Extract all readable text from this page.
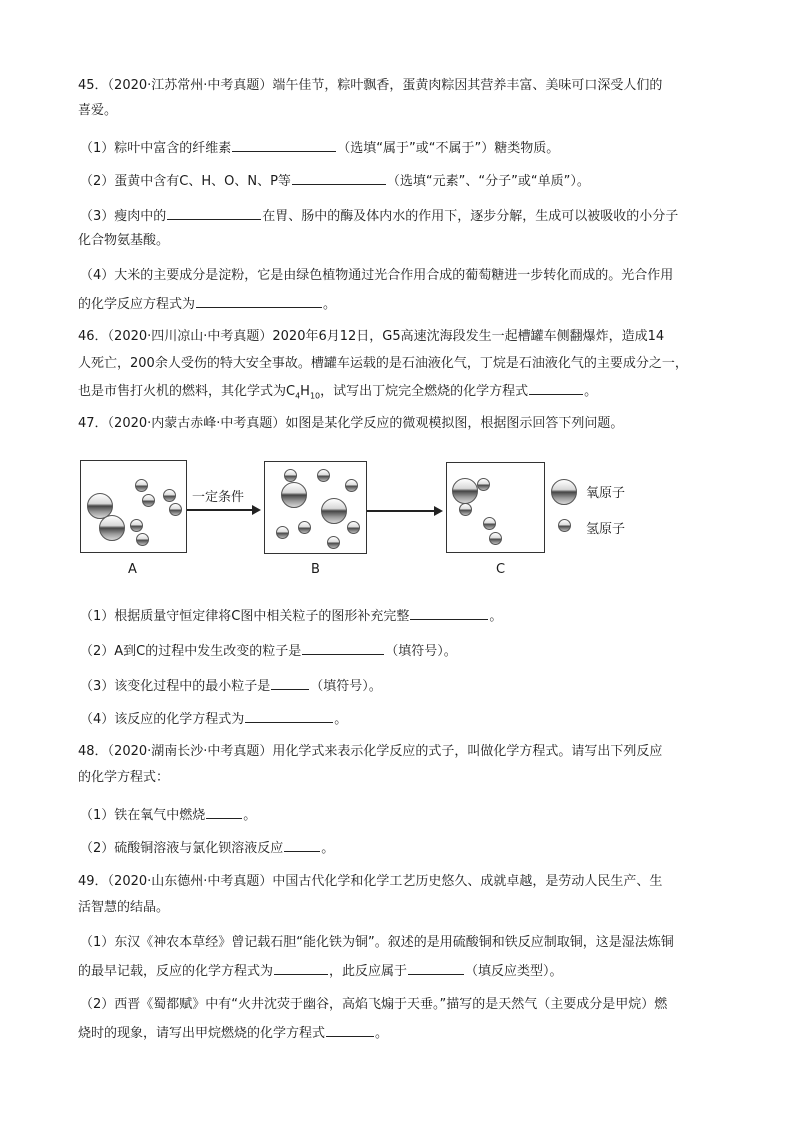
45．（2020·江苏常州·中考真题）端午佳节，粽叶飘香，蛋黄肉粽因其营养丰富、美味可口深受人们的
喜爱。
（1）粽叶中富含的纤维素	（选填“属于”或“不属于”）糖类物质。
（2）蛋黄中含有C、H、O、N、P等	（选填“元素”、“分子”或“单质”）。
（3）瘦肉中的	在胃、肠中的酶及体内水的作用下，逐步分解，生成可以被吸收的小分子
化合物氨基酸。
（4）大米的主要成分是淀粉，它是由绿色植物通过光合作用合成的葡萄糖进一步转化而成的。光合作用
的化学反应方程式为	。
46．（2020·四川凉山·中考真题）2020年6月12日，G5高速沈海段发生一起槽罐车侧翻爆炸，造成14
人死亡，200余人受伤的特大安全事故。槽罐车运载的是石油液化气，丁烷是石油液化气的主要成分之一，
也是市售打火机的燃料，其化学式为$C_4H_{10}$，试写出丁烷完全燃烧的化学方程式	。
47．（2020·内蒙古赤峰·中考真题）如图是某化学反应的微观模拟图，根据图示回答下列问题。
一定条件	氧原子
氢原子
A	B	C
（1）根据质量守恒定律将C图中相关粒子的图形补充完整	。
（2）A到C的过程中发生改变的粒子是	（填符号）。
（3）该变化过程中的最小粒子是	（填符号）。
（4）该反应的化学方程式为	。
48．（2020·湖南长沙·中考真题）用化学式来表示化学反应的式子，叫做化学方程式。请写出下列反应
的化学方程式：
（1）铁在氧气中燃烧	。
（2）硫酸铜溶液与氯化钡溶液反应	。
49．（2020·山东德州·中考真题）中国古代化学和化学工艺历史悠久、成就卓越，是劳动人民生产、生
活智慧的结晶。
（1）东汉《神农本草经》曾记载石胆“能化铁为铜”。叙述的是用硫酸铜和铁反应制取铜，这是湿法炼铜
的最早记载，反应的化学方程式为	，此反应属于	（填反应类型）。
（2）西晋《蜀都赋》中有“火井沈荧于幽谷，高焰飞煽于天垂。”描写的是天然气（主要成分是甲烷）燃
烧时的现象，请写出甲烷燃烧的化学方程式	。
